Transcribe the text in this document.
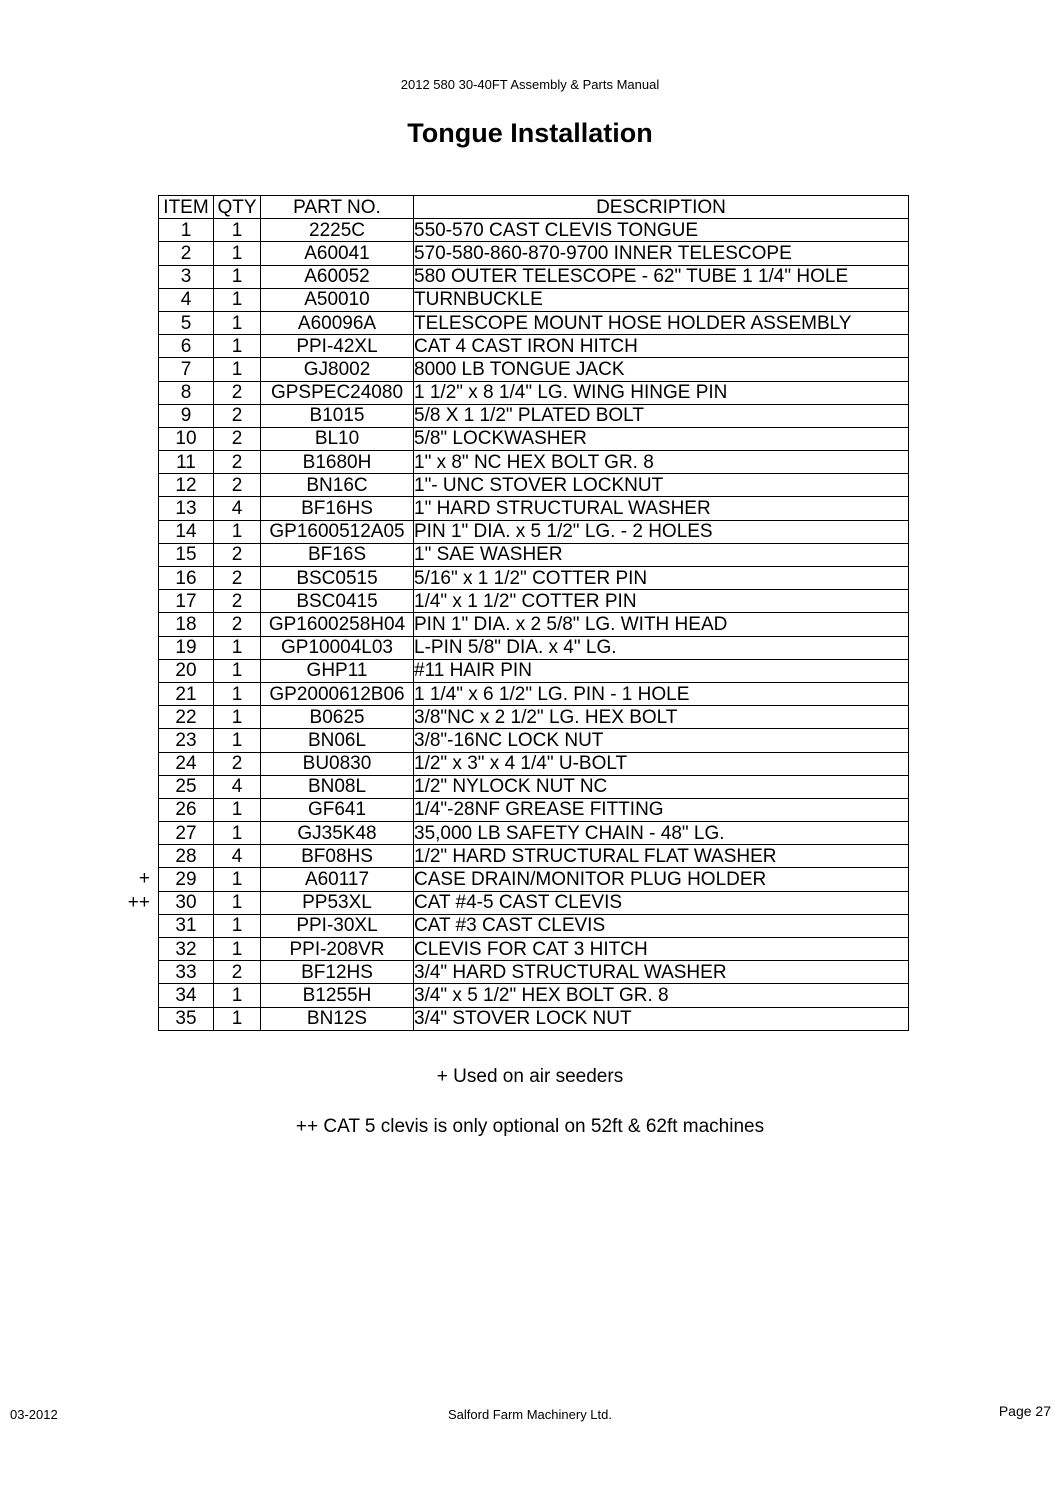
2012 580 30-40FT Assembly & Parts Manual
Tongue Installation
ITEM	QTY	PART NO.	DESCRIPTION
1	1	2225C	550-570 CAST CLEVIS TONGUE
2	1	A60041	570-580-860-870-9700 INNER TELESCOPE
3	1	A60052	580 OUTER TELESCOPE - 62" TUBE 1 1/4" HOLE
4	1	A50010	TURNBUCKLE
5	1	A60096A	TELESCOPE MOUNT HOSE HOLDER ASSEMBLY
6	1	PPI-42XL	CAT 4 CAST IRON HITCH
7	1	GJ8002	8000 LB TONGUE JACK
8	2	GPSPEC24080	1 1/2" x 8 1/4" LG. WING HINGE PIN
9	2	B1015	5/8 X 1 1/2" PLATED BOLT
10	2	BL10	5/8" LOCKWASHER
11	2	B1680H	1" x 8" NC HEX BOLT GR. 8
12	2	BN16C	1"- UNC STOVER LOCKNUT
13	4	BF16HS	1" HARD STRUCTURAL WASHER
14	1	GP1600512A05	PIN 1" DIA. x 5 1/2" LG. - 2 HOLES
15	2	BF16S	1" SAE WASHER
16	2	BSC0515	5/16" x 1 1/2" COTTER PIN
17	2	BSC0415	1/4" x 1 1/2" COTTER PIN
18	2	GP1600258H04	PIN 1" DIA. x 2 5/8" LG. WITH HEAD
19	1	GP10004L03	L-PIN 5/8" DIA. x 4" LG.
20	1	GHP11	#11 HAIR PIN
21	1	GP2000612B06	1 1/4" x 6 1/2" LG. PIN - 1 HOLE
22	1	B0625	3/8"NC x 2 1/2" LG. HEX BOLT
23	1	BN06L	3/8"-16NC LOCK NUT
24	2	BU0830	1/2" x 3" x 4 1/4" U-BOLT
25	4	BN08L	1/2" NYLOCK NUT NC
26	1	GF641	1/4"-28NF GREASE FITTING
27	1	GJ35K48	35,000 LB SAFETY CHAIN - 48" LG.
28	4	BF08HS	1/2" HARD STRUCTURAL FLAT WASHER

+ 29	1	A60117	CASE DRAIN/MONITOR PLUG HOLDER

++ 30	1	PP53XL	CAT #4-5 CAST CLEVIS
31	1	PPI-30XL	CAT #3 CAST CLEVIS
32	1	PPI-208VR	CLEVIS FOR CAT 3 HITCH
33	2	BF12HS	3/4" HARD STRUCTURAL WASHER
34	1	B1255H	3/4" x 5 1/2" HEX BOLT GR. 8
35	1	BN12S	3/4" STOVER LOCK NUT
+ Used on air seeders
++ CAT 5 clevis is only optional on 52ft & 62ft machines
03-2012	Salford Farm Machinery Ltd.	Page 27
